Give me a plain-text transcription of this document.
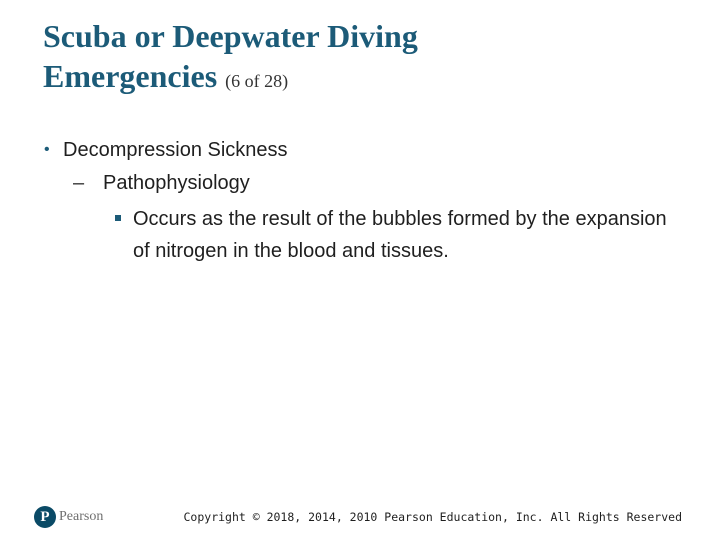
Scuba or Deepwater Diving
Emergencies (6 of 28)
• Decompression Sickness
– Pathophysiology
Occurs as the result of the bubbles formed by the expansion of nitrogen in the blood and tissues.
P Pearson	Copyright © 2018, 2014, 2010 Pearson Education, Inc. All Rights Reserved
